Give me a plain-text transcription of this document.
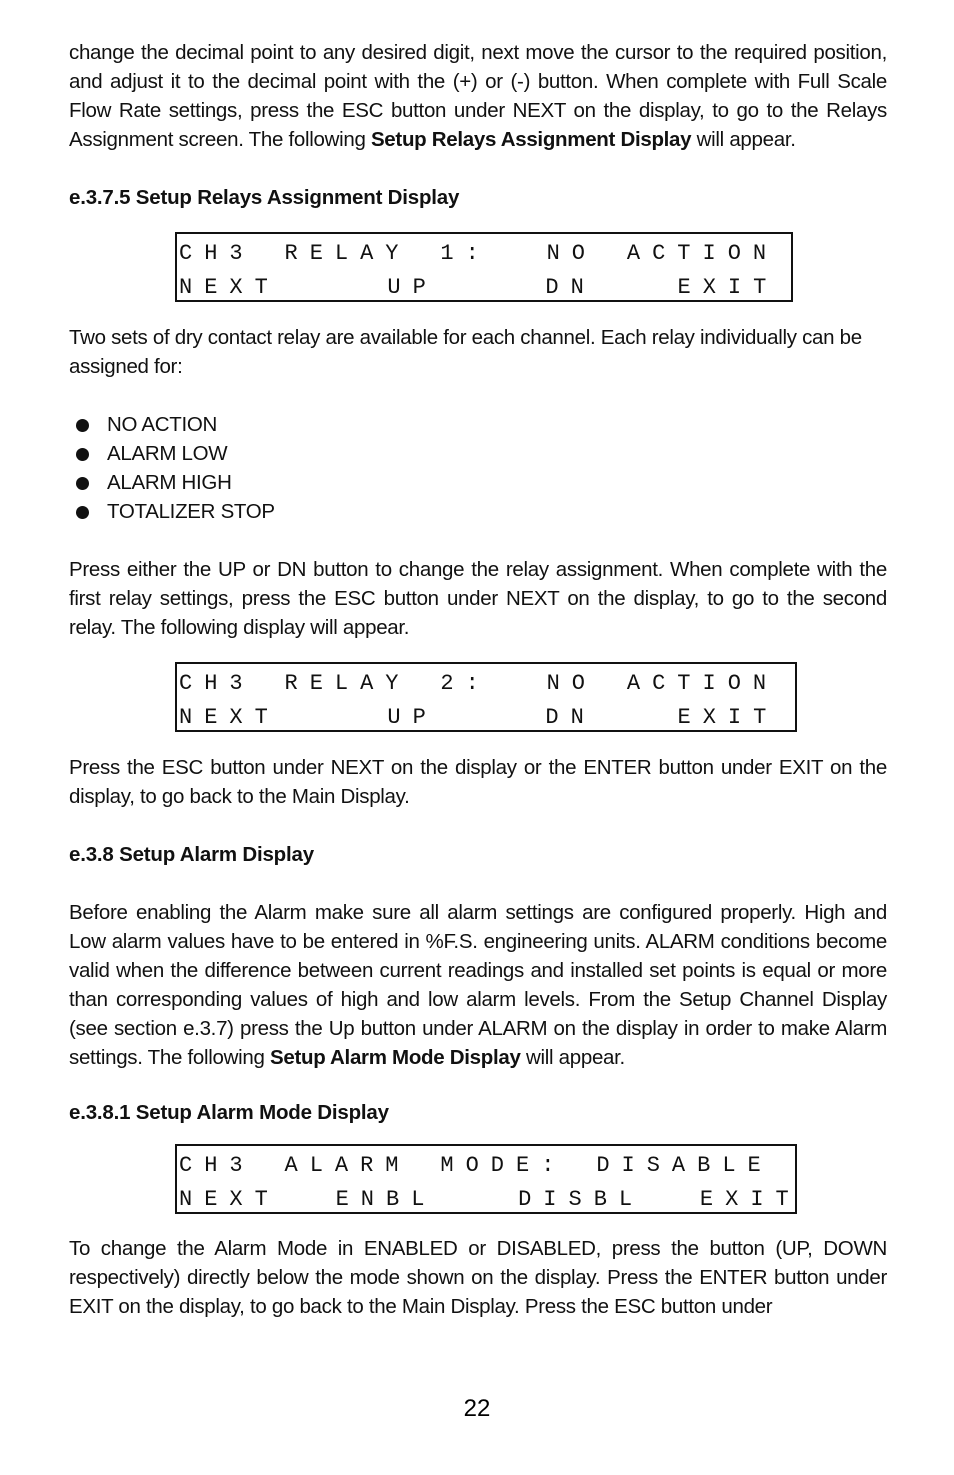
change the decimal point to any desired digit, next move the cursor to the required position, and adjust it to the decimal point with the (+) or (-) button. When complete with Full Scale Flow Rate settings, press the ESC button under NEXT on the display, to go to the Relays Assignment screen. The following Setup Relays Assignment Display will appear.

e.3.7.5 Setup Relays Assignment Display
CH3 RELAY 1:	NO ACTION
NEXT	UP	DN	EXIT

Two sets of dry contact relay are available for each channel. Each relay individually can be assigned for:

NO ACTION
ALARM LOW
ALARM HIGH
TOTALIZER STOP

Press either the UP or DN button to change the relay assignment. When complete with the first relay settings, press the ESC button under NEXT on the display, to go to the second relay. The following display will appear.

CH3 RELAY 2:	NO ACTION
NEXT	UP	DN	EXIT

Press the ESC button under NEXT on the display or the ENTER button under EXIT on the display, to go back to the Main Display.

e.3.8 Setup Alarm Display

Before enabling the Alarm make sure all alarm settings are configured properly. High and Low alarm values have to be entered in %F.S. engineering units. ALARM conditions become valid when the difference between current readings and installed set points is equal or more than corresponding values of high and low alarm levels. From the Setup Channel Display (see section e.3.7) press the Up button under ALARM on the display in order to make Alarm settings. The following Setup Alarm Mode Display will appear.

e.3.8.1 Setup Alarm Mode Display
CH3 ALARM MODE: DISABLE
NEXT	ENBL	DISBL	EXIT

To change the Alarm Mode in ENABLED or DISABLED, press the button (UP, DOWN respectively) directly below the mode shown on the display. Press the ENTER button under EXIT on the display, to go back to the Main Display. Press the ESC button under

22
